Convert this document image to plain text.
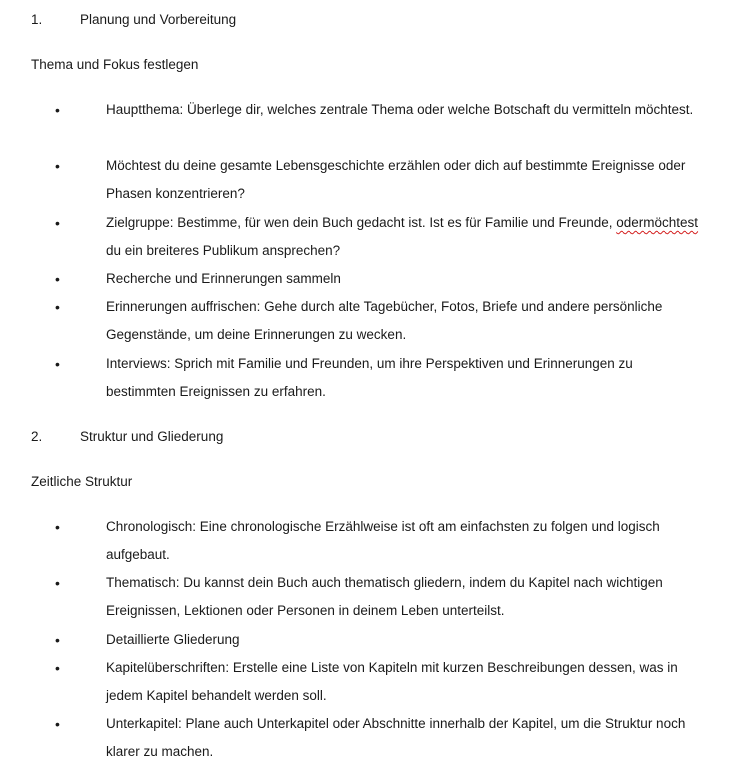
1.	Planung und Vorbereitung
Thema und Fokus festlegen
•	Hauptthema: Überlege dir, welches zentrale Thema oder welche Botschaft du vermitteln möchtest.
•	Möchtest du deine gesamte Lebensgeschichte erzählen oder dich auf bestimmte Ereignisse oder Phasen konzentrieren?
•	Zielgruppe: Bestimme, für wen dein Buch gedacht ist. Ist es für Familie und Freunde, odermöchtest du ein breiteres Publikum ansprechen?
•	Recherche und Erinnerungen sammeln
•	Erinnerungen auffrischen: Gehe durch alte Tagebücher, Fotos, Briefe und andere persönliche Gegenstände, um deine Erinnerungen zu wecken.
•	Interviews: Sprich mit Familie und Freunden, um ihre Perspektiven und Erinnerungen zu bestimmten Ereignissen zu erfahren.
2.	Struktur und Gliederung
Zeitliche Struktur
•	Chronologisch: Eine chronologische Erzählweise ist oft am einfachsten zu folgen und logisch aufgebaut.
•	Thematisch: Du kannst dein Buch auch thematisch gliedern, indem du Kapitel nach wichtigen Ereignissen, Lektionen oder Personen in deinem Leben unterteilst.
•	Detaillierte Gliederung
•	Kapitelüberschriften: Erstelle eine Liste von Kapiteln mit kurzen Beschreibungen dessen, was in jedem Kapitel behandelt werden soll.
•	Unterkapitel: Plane auch Unterkapitel oder Abschnitte innerhalb der Kapitel, um die Struktur noch klarer zu machen.
